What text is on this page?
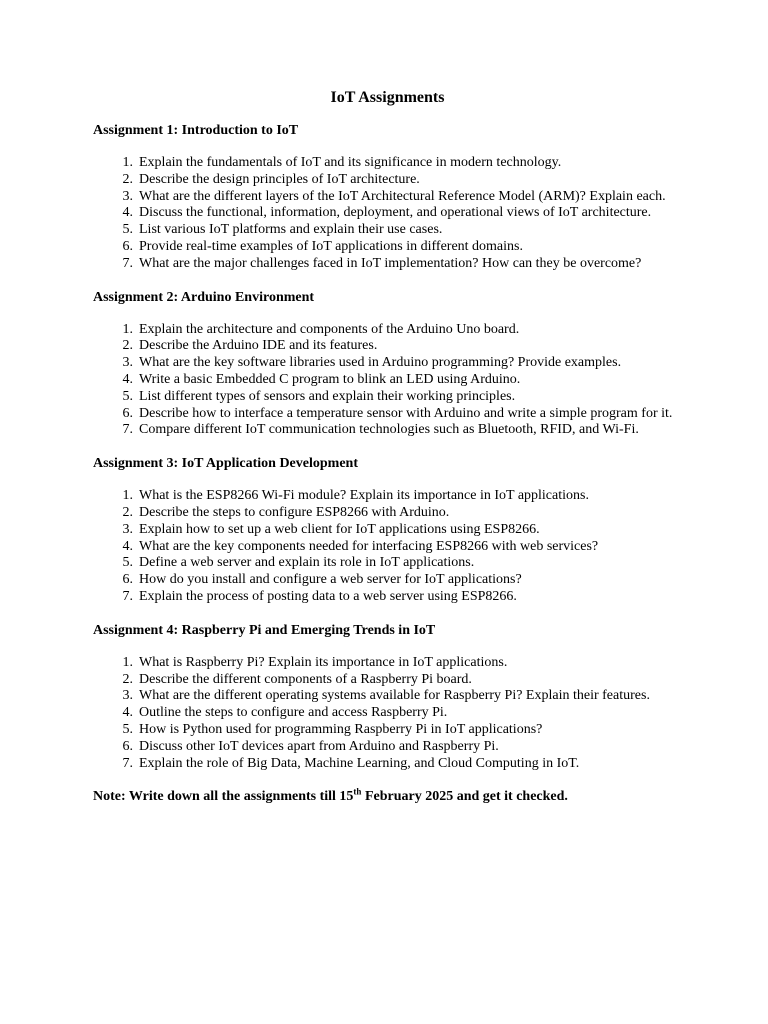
IoT Assignments
Assignment 1: Introduction to IoT
1. Explain the fundamentals of IoT and its significance in modern technology.
2. Describe the design principles of IoT architecture.
3. What are the different layers of the IoT Architectural Reference Model (ARM)? Explain each.
4. Discuss the functional, information, deployment, and operational views of IoT architecture.
5. List various IoT platforms and explain their use cases.
6. Provide real-time examples of IoT applications in different domains.
7. What are the major challenges faced in IoT implementation? How can they be overcome?
Assignment 2: Arduino Environment
1. Explain the architecture and components of the Arduino Uno board.
2. Describe the Arduino IDE and its features.
3. What are the key software libraries used in Arduino programming? Provide examples.
4. Write a basic Embedded C program to blink an LED using Arduino.
5. List different types of sensors and explain their working principles.
6. Describe how to interface a temperature sensor with Arduino and write a simple program for it.
7. Compare different IoT communication technologies such as Bluetooth, RFID, and Wi-Fi.
Assignment 3: IoT Application Development
1. What is the ESP8266 Wi-Fi module? Explain its importance in IoT applications.
2. Describe the steps to configure ESP8266 with Arduino.
3. Explain how to set up a web client for IoT applications using ESP8266.
4. What are the key components needed for interfacing ESP8266 with web services?
5. Define a web server and explain its role in IoT applications.
6. How do you install and configure a web server for IoT applications?
7. Explain the process of posting data to a web server using ESP8266.
Assignment 4: Raspberry Pi and Emerging Trends in IoT
1. What is Raspberry Pi? Explain its importance in IoT applications.
2. Describe the different components of a Raspberry Pi board.
3. What are the different operating systems available for Raspberry Pi? Explain their features.
4. Outline the steps to configure and access Raspberry Pi.
5. How is Python used for programming Raspberry Pi in IoT applications?
6. Discuss other IoT devices apart from Arduino and Raspberry Pi.
7. Explain the role of Big Data, Machine Learning, and Cloud Computing in IoT.
Note: Write down all the assignments till 15th February 2025 and get it checked.
